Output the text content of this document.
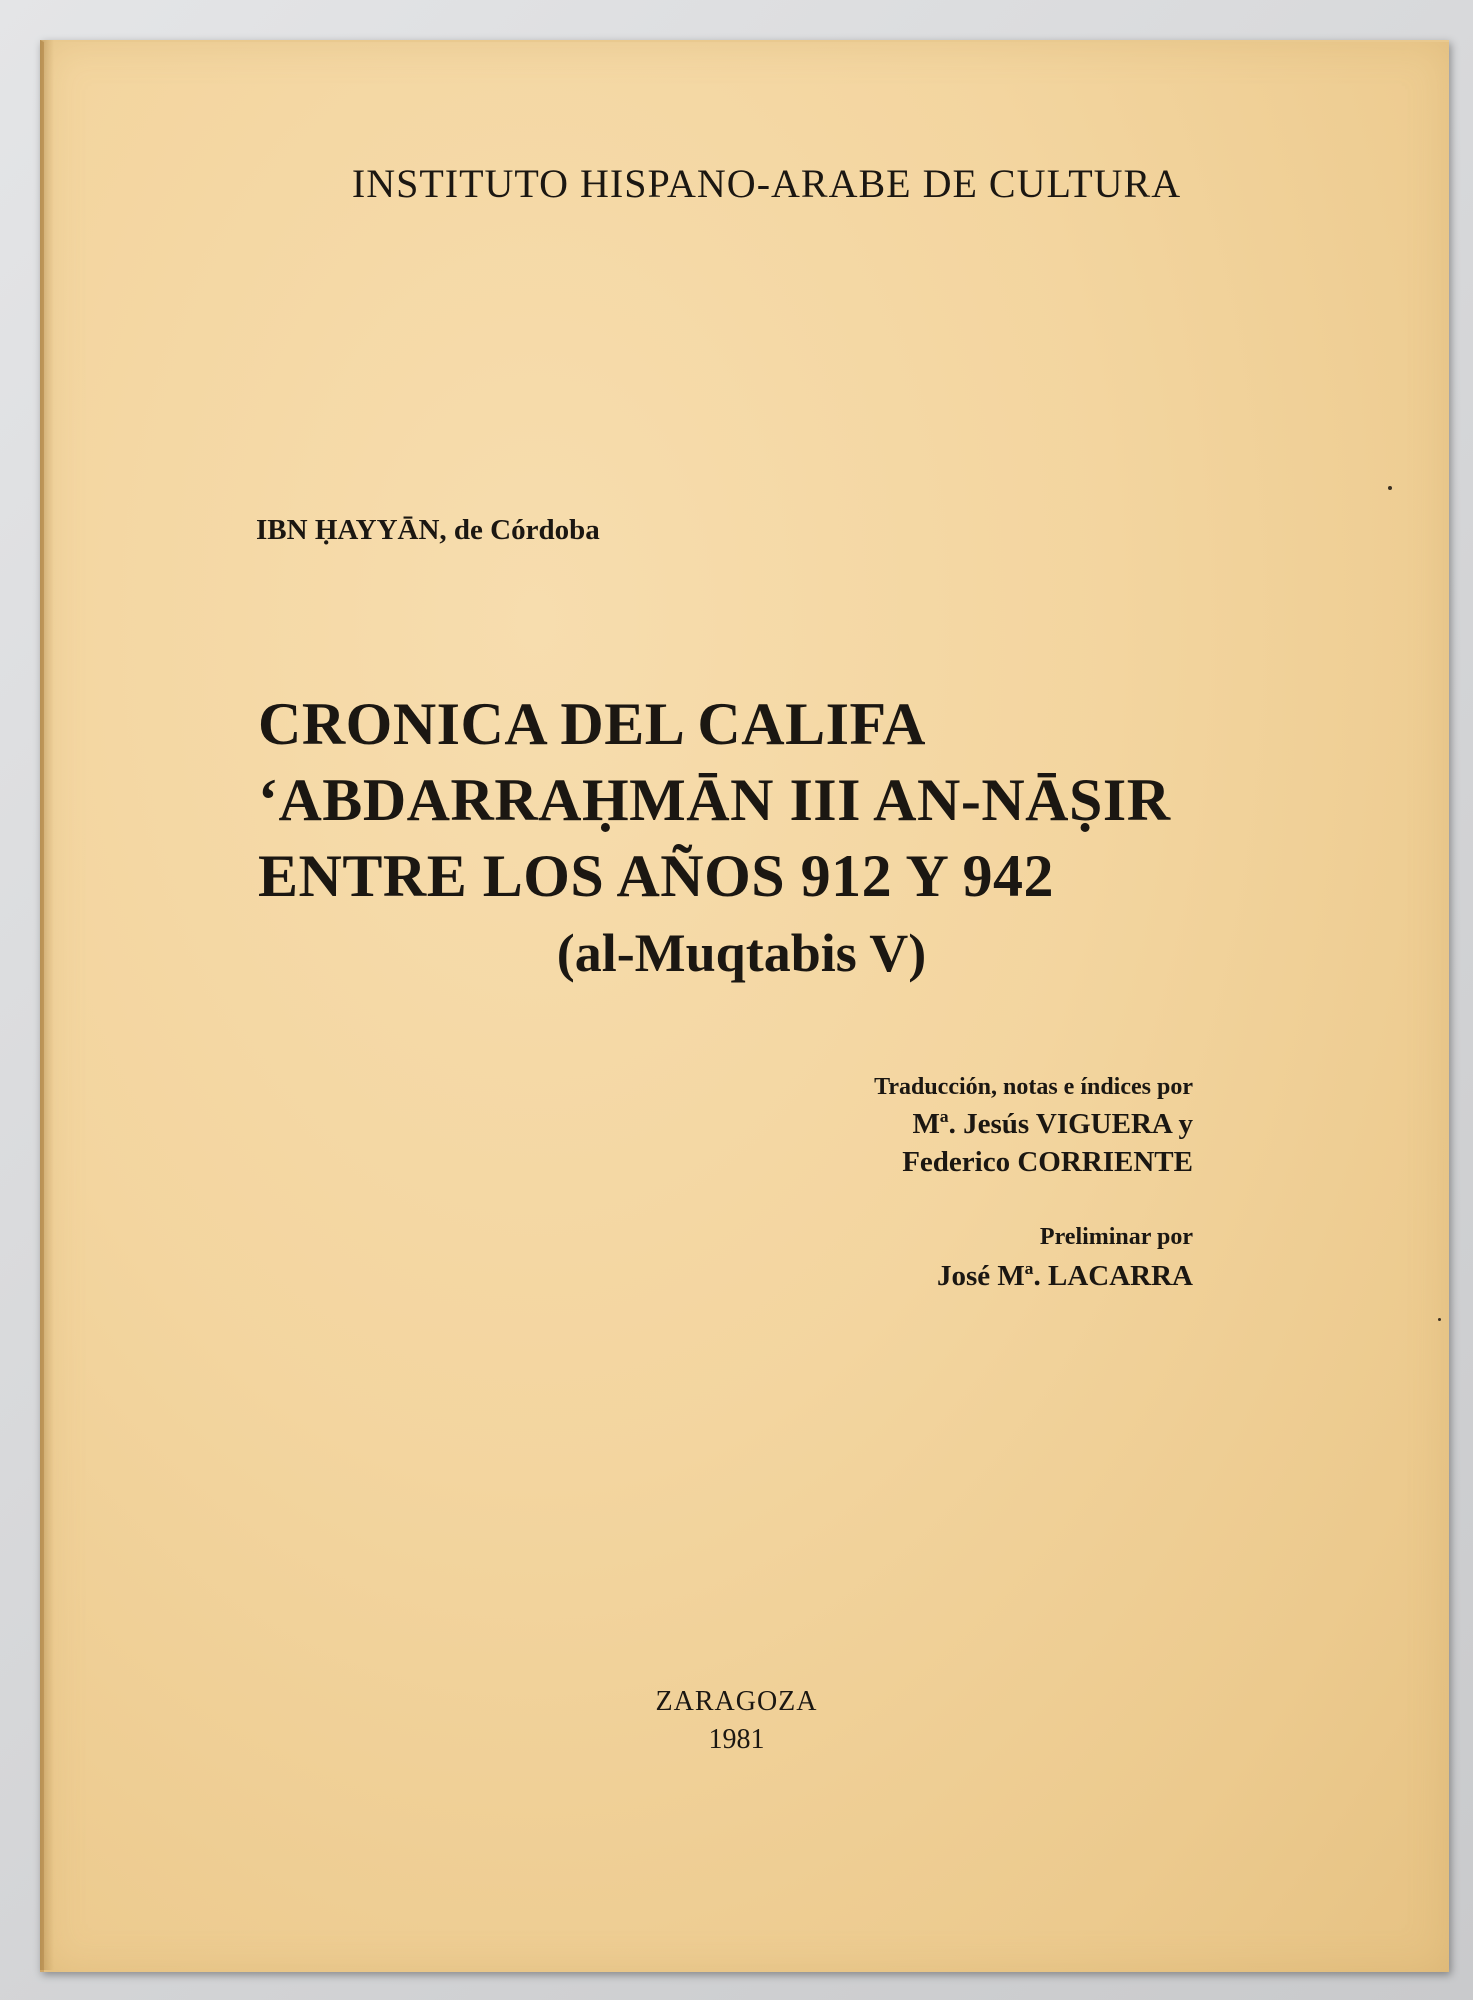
INSTITUTO HISPANO-ARABE DE CULTURA
IBN ḤAYYĀN, de Córdoba
CRONICA DEL CALIFA
‘ABDARRAḤMĀN III AN-NĀṢIR
ENTRE LOS AÑOS 912 Y 942
(al-Muqtabis V)
Traducción, notas e índices por
Mª. Jesús VIGUERA y
Federico CORRIENTE
Preliminar por
José Mª. LACARRA
ZARAGOZA
1981
